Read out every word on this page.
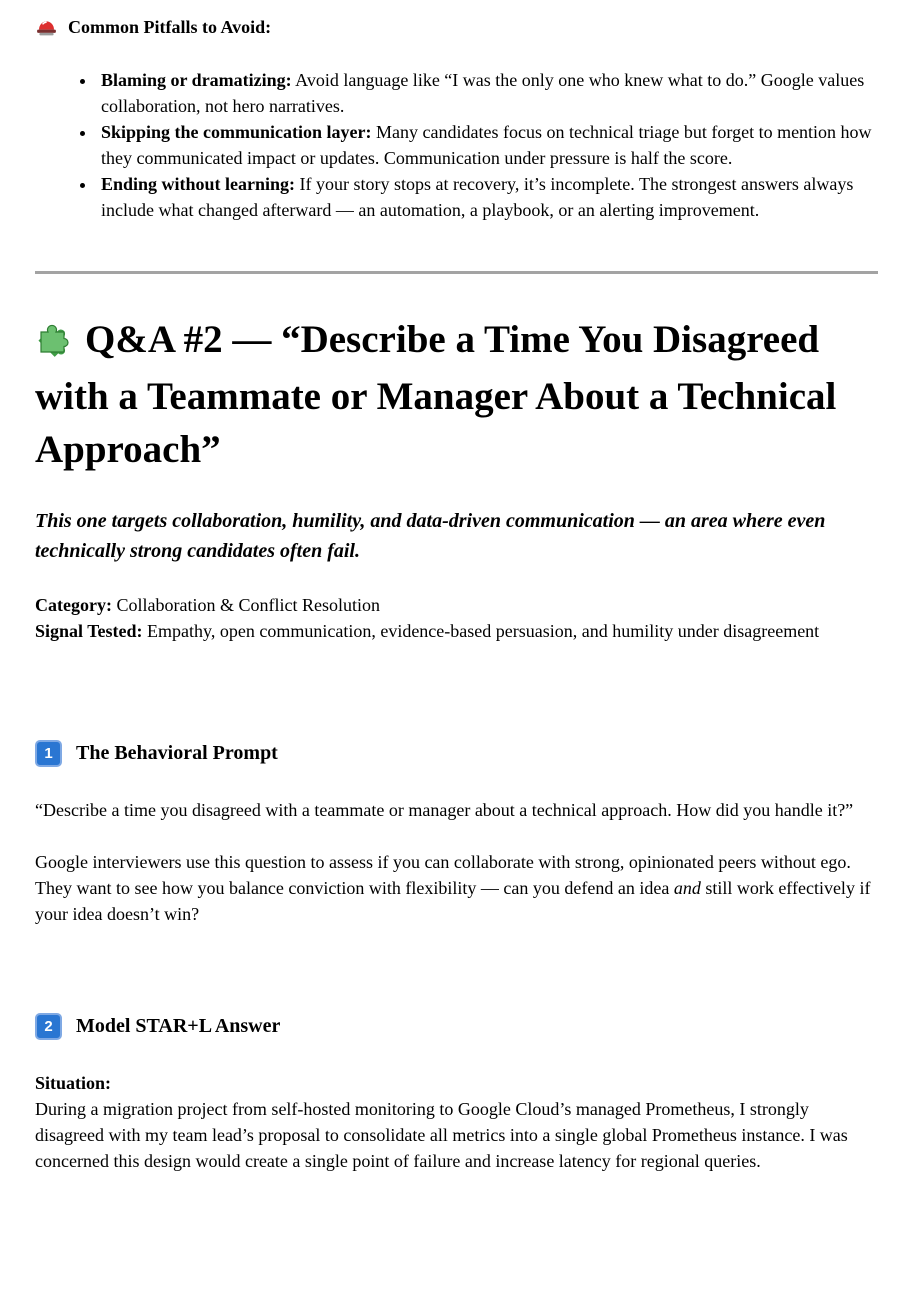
Common Pitfalls to Avoid:
• Blaming or dramatizing: Avoid language like “I was the only one who knew what to do.” Google values collaboration, not hero narratives.
• Skipping the communication layer: Many candidates focus on technical triage but forget to mention how they communicated impact or updates. Communication under pressure is half the score.
• Ending without learning: If your story stops at recovery, it’s incomplete. The strongest answers always include what changed afterward — an automation, a playbook, or an alerting improvement.
Q&A #2 — “Describe a Time You Disagreed with a Teammate or Manager About a Technical Approach”

This one targets collaboration, humility, and data-driven communication — an area where even technically strong candidates often fail.

Category: Collaboration & Conflict Resolution
Signal Tested: Empathy, open communication, evidence-based persuasion, and humility under disagreement
1	The Behavioral Prompt

“Describe a time you disagreed with a teammate or manager about a technical approach. How did you handle it?”

Google interviewers use this question to assess if you can collaborate with strong, opinionated peers without ego. They want to see how you balance conviction with flexibility — can you defend an idea and still work effectively if your idea doesn’t win?

2	Model STAR+L Answer

Situation:
During a migration project from self-hosted monitoring to Google Cloud’s managed Prometheus, I strongly disagreed with my team lead’s proposal to consolidate all metrics into a single global Prometheus instance. I was concerned this design would create a single point of failure and increase latency for regional queries.
